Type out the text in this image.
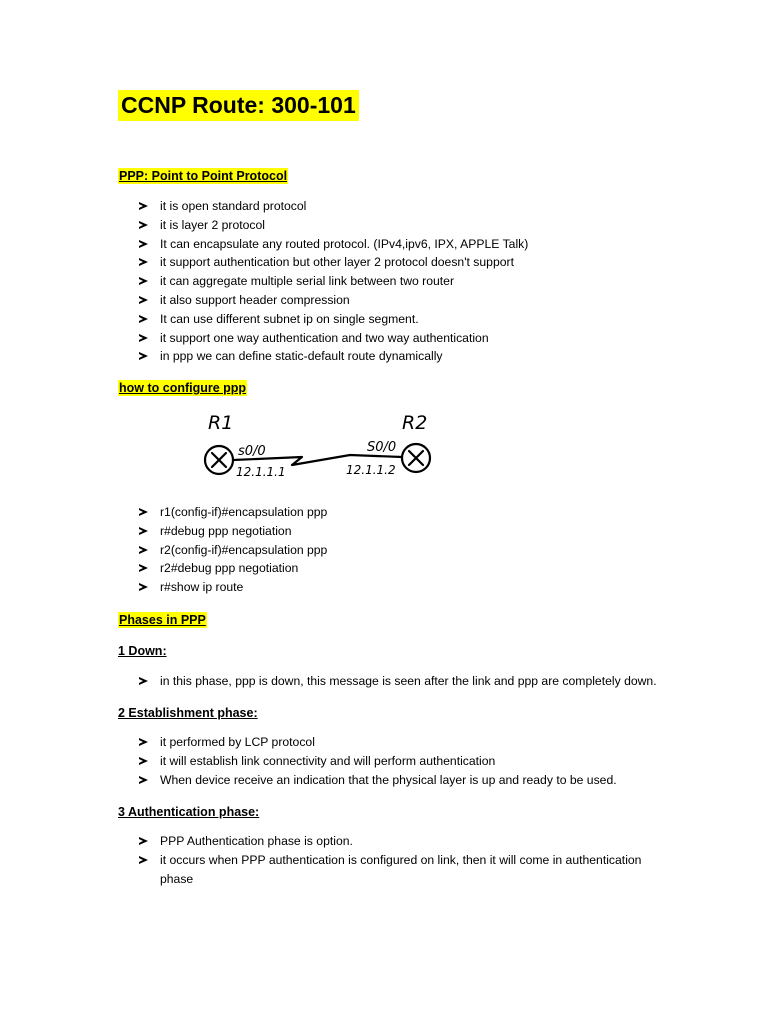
CCNP Route: 300-101
PPP: Point to Point Protocol
it is open standard protocol
it is layer 2 protocol
It can encapsulate any routed protocol. (IPv4,ipv6, IPX, APPLE Talk)
it support authentication but other layer 2 protocol doesn't support
it can aggregate multiple serial link between two router
it also support header compression
It can use different subnet ip on single segment.
it support one way authentication and two way authentication
in ppp we can define static-default route dynamically
how to configure ppp
R1	R2
s0/0	S0/0
12.1.1.1	12.1.1.2
r1(config-if)#encapsulation ppp
r#debug ppp negotiation
r2(config-if)#encapsulation ppp
r2#debug ppp negotiation
r#show ip route
Phases in PPP
1 Down:
in this phase, ppp is down, this message is seen after the link and ppp are completely down.
2 Establishment phase:
it performed by LCP protocol
it will establish link connectivity and will perform authentication
When device receive an indication that the physical layer is up and ready to be used.
3 Authentication phase:
PPP Authentication phase is option.
it occurs when PPP authentication is configured on link, then it will come in authentication
phase
